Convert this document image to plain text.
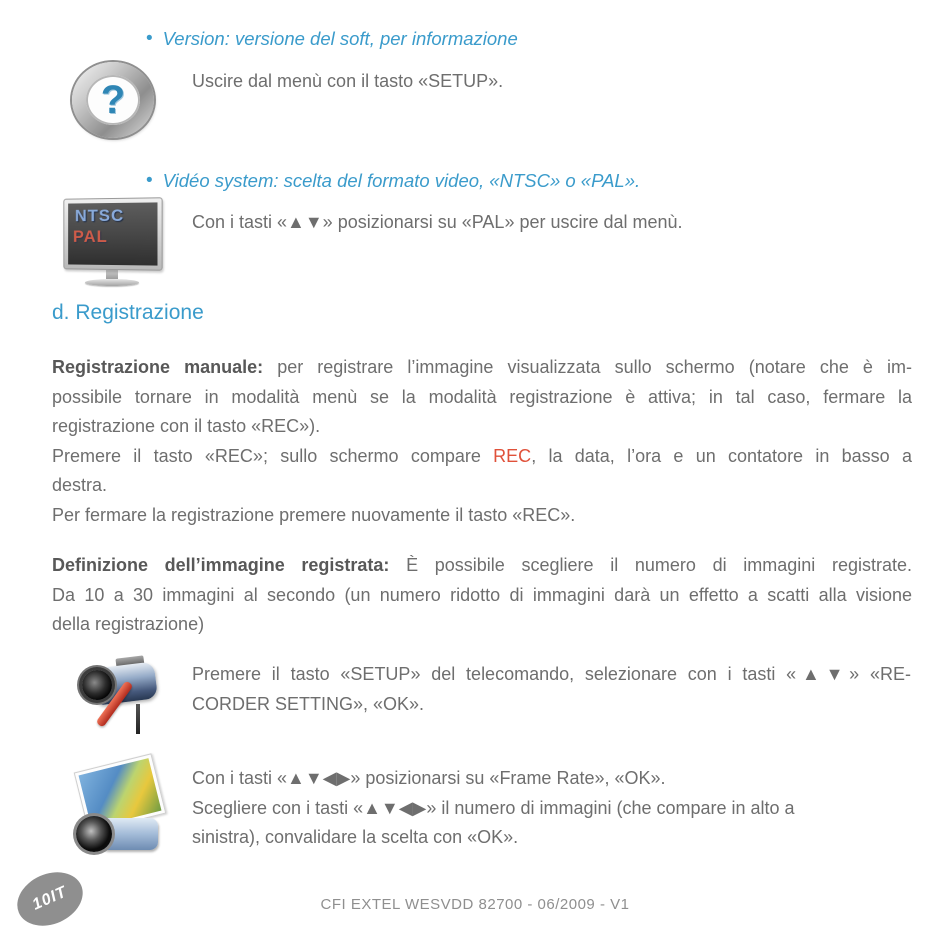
• Version: versione del soft, per informazione
?	Uscire dal menù con il tasto «SETUP».
• Vidéo system: scelta del formato video, «NTSC» o «PAL».
NTSC
PAL
Con i tasti «▲▼» posizionarsi su «PAL» per uscire dal menù.
d. Registrazione
Registrazione manuale: per registrare l’immagine visualizzata sullo schermo (notare che è im-
possibile tornare in modalità menù se la modalità registrazione è attiva; in tal caso, fermare la
registrazione con il tasto «REC»).
Premere il tasto «REC»; sullo schermo compare REC, la data, l’ora e un contatore in basso a
destra.
Per fermare la registrazione premere nuovamente il tasto «REC».
Definizione dell’immagine registrata: È possibile scegliere il numero di immagini registrate.
Da 10 a 30 immagini al secondo (un numero ridotto di immagini darà un effetto a scatti alla visione
della registrazione)
Premere il tasto «SETUP» del telecomando, selezionare con i tasti «▲▼» «RE-
CORDER SETTING», «OK».
Con i tasti «▲▼◀▶» posizionarsi su «Frame Rate», «OK».
Scegliere con i tasti «▲▼◀▶» il numero di immagini (che compare in alto a
sinistra), convalidare la scelta con «OK».
10IT	CFI EXTEL WESVDD 82700 - 06/2009 - V1
